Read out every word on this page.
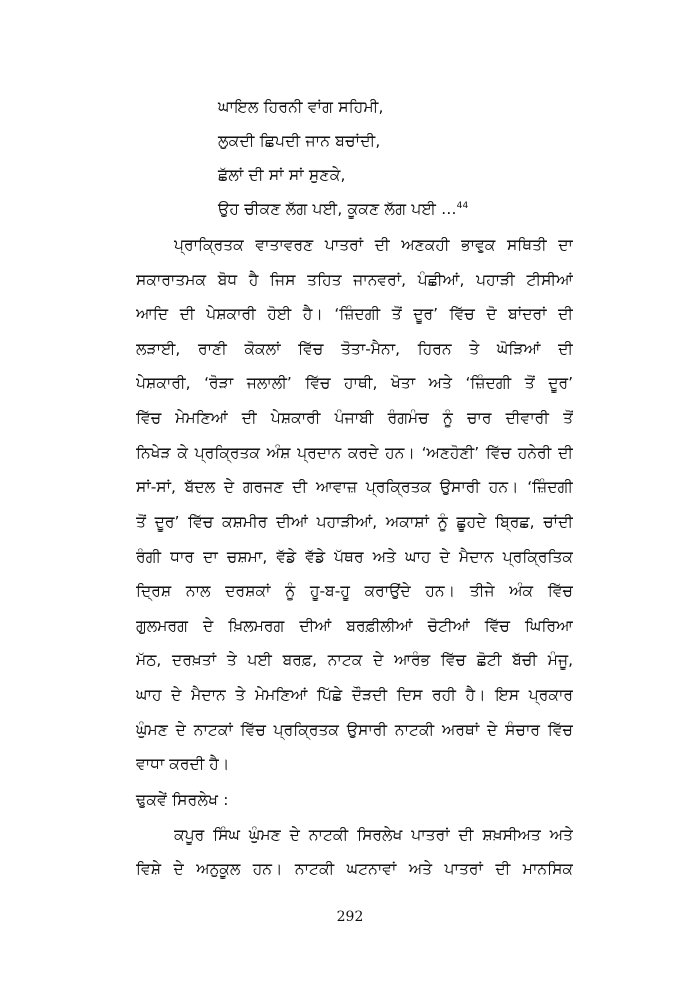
ਘਾਇਲ ਹਿਰਨੀ ਵਾਂਗ ਸਹਿਮੀ,
ਲੁਕਦੀ ਛਿਪਦੀ ਜਾਨ ਬਚਾਂਦੀ,
ਛੱਲਾਂ ਦੀ ਸਾਂ ਸਾਂ ਸੁਣਕੇ,
ਉਹ ਚੀਕਣ ਲੱਗ ਪਈ, ਕੂਕਣ ਲੱਗ ਪਈ ...$^{44}$
ਪ੍ਰਾਕ੍ਰਿਤਕ ਵਾਤਾਵਰਣ ਪਾਤਰਾਂ ਦੀ ਅਣਕਹੀ ਭਾਵੁਕ ਸਥਿਤੀ ਦਾ
ਸਕਾਰਾਤਮਕ ਬੋਧ ਹੈ ਜਿਸ ਤਹਿਤ ਜਾਨਵਰਾਂ, ਪੰਛੀਆਂ, ਪਹਾੜੀ ਟੀਸੀਆਂ
ਆਦਿ ਦੀ ਪੇਸ਼ਕਾਰੀ ਹੋਈ ਹੈ। ‘ਜ਼ਿੰਦਗੀ ਤੋਂ ਦੂਰ’ ਵਿੱਚ ਦੋ ਬਾਂਦਰਾਂ ਦੀ
ਲੜਾਈ, ਰਾਣੀ ਕੋਕਲਾਂ ਵਿੱਚ ਤੋਤਾ-ਮੈਨਾ, ਹਿਰਨ ਤੇ ਘੋੜਿਆਂ ਦੀ
ਪੇਸ਼ਕਾਰੀ, ‘ਰੋੜਾ ਜਲਾਲੀ’ ਵਿੱਚ ਹਾਥੀ, ਖੋਤਾ ਅਤੇ ‘ਜ਼ਿੰਦਗੀ ਤੋਂ ਦੂਰ’
ਵਿੱਚ ਮੇਮਣਿਆਂ ਦੀ ਪੇਸ਼ਕਾਰੀ ਪੰਜਾਬੀ ਰੰਗਮੰਚ ਨੂੰ ਚਾਰ ਦੀਵਾਰੀ ਤੋਂ
ਨਿਖੇੜ ਕੇ ਪ੍ਰਕ੍ਰਿਤਕ ਅੰਸ਼ ਪ੍ਰਦਾਨ ਕਰਦੇ ਹਨ। ‘ਅਣਹੋਣੀ’ ਵਿੱਚ ਹਨੇਰੀ ਦੀ
ਸਾਂ-ਸਾਂ, ਬੱਦਲ ਦੇ ਗਰਜਣ ਦੀ ਆਵਾਜ਼ ਪ੍ਰਕ੍ਰਿਤਕ ਉਸਾਰੀ ਹਨ। ‘ਜ਼ਿੰਦਗੀ
ਤੋਂ ਦੂਰ’ ਵਿੱਚ ਕਸ਼ਮੀਰ ਦੀਆਂ ਪਹਾੜੀਆਂ, ਅਕਾਸ਼ਾਂ ਨੂੰ ਛੂਹਦੇ ਬ੍ਰਿਛ, ਚਾਂਦੀ
ਰੰਗੀ ਧਾਰ ਦਾ ਚਸ਼ਮਾ, ਵੱਡੇ ਵੱਡੇ ਪੱਥਰ ਅਤੇ ਘਾਹ ਦੇ ਮੈਦਾਨ ਪ੍ਰਕ੍ਰਿਤਿਕ
ਦ੍ਰਿਸ਼ ਨਾਲ ਦਰਸ਼ਕਾਂ ਨੂੰ ਹੂ-ਬ-ਹੂ ਕਰਾਉਂਦੇ ਹਨ। ਤੀਜੇ ਅੰਕ ਵਿੱਚ
ਗੁਲਮਰਗ ਦੇ ਖ਼ਿਲਮਰਗ ਦੀਆਂ ਬਰਫ਼ੀਲੀਆਂ ਚੋਟੀਆਂ ਵਿੱਚ ਘਿਰਿਆ
ਮੱਠ, ਦਰਖ਼ਤਾਂ ਤੇ ਪਈ ਬਰਫ਼, ਨਾਟਕ ਦੇ ਆਰੰਭ ਵਿੱਚ ਛੋਟੀ ਬੱਚੀ ਮੰਜੂ,
ਘਾਹ ਦੇ ਮੈਦਾਨ ਤੇ ਮੇਮਣਿਆਂ ਪਿੱਛੇ ਦੌੜਦੀ ਦਿਸ ਰਹੀ ਹੈ। ਇਸ ਪ੍ਰਕਾਰ
ਘੁੰਮਣ ਦੇ ਨਾਟਕਾਂ ਵਿੱਚ ਪ੍ਰਕ੍ਰਿਤਕ ਉਸਾਰੀ ਨਾਟਕੀ ਅਰਥਾਂ ਦੇ ਸੰਚਾਰ ਵਿੱਚ
ਵਾਧਾ ਕਰਦੀ ਹੈ।
ਢੁਕਵੇਂ ਸਿਰਲੇਖ :
ਕਪੂਰ ਸਿੰਘ ਘੁੰਮਣ ਦੇ ਨਾਟਕੀ ਸਿਰਲੇਖ ਪਾਤਰਾਂ ਦੀ ਸ਼ਖ਼ਸੀਅਤ ਅਤੇ
ਵਿਸ਼ੇ ਦੇ ਅਨੁਕੂਲ ਹਨ। ਨਾਟਕੀ ਘਟਨਾਵਾਂ ਅਤੇ ਪਾਤਰਾਂ ਦੀ ਮਾਨਸਿਕ
292
